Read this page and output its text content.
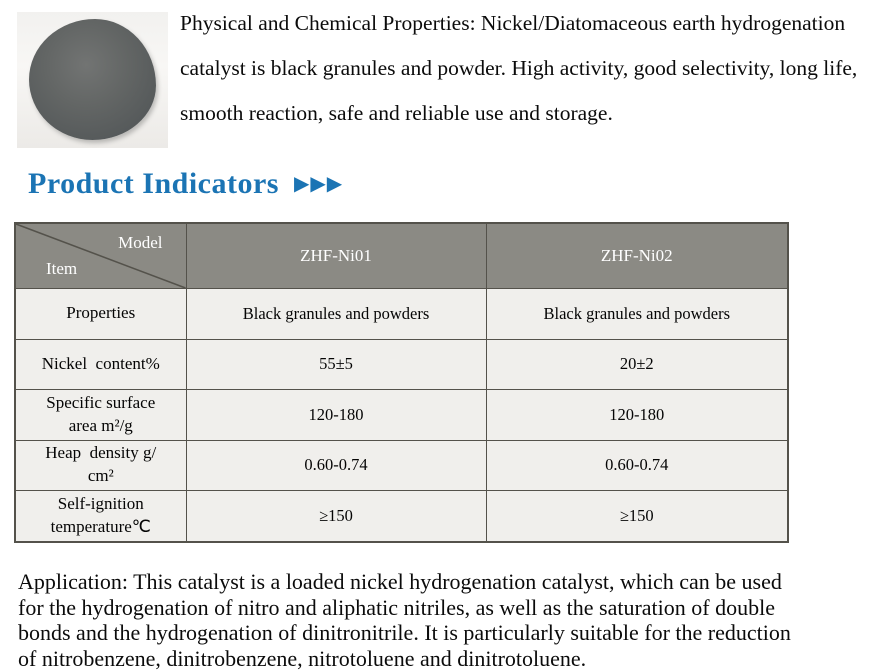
Physical and Chemical Properties: Nickel/Diatomaceous earth hydrogenation catalyst is black granules and powder. High activity, good selectivity, long life, smooth reaction, safe and reliable use and storage.
Product Indicators ▶▶▶
Model
Item	ZHF-Ni01	ZHF-Ni02
Properties	Black granules and powders	Black granules and powders
Nickel  content%	55±5	20±2
Specific surface area m²/g	120-180	120-180
Heap  density g/ cm²	0.60-0.74	0.60-0.74
Self-ignition temperature℃	≥150	≥150
Application: This catalyst is a loaded nickel hydrogenation catalyst, which can be used for the hydrogenation of nitro and aliphatic nitriles, as well as the saturation of double bonds and the hydrogenation of dinitronitrile. It is particularly suitable for the reduction of nitrobenzene, dinitrobenzene, nitrotoluene and dinitrotoluene.
